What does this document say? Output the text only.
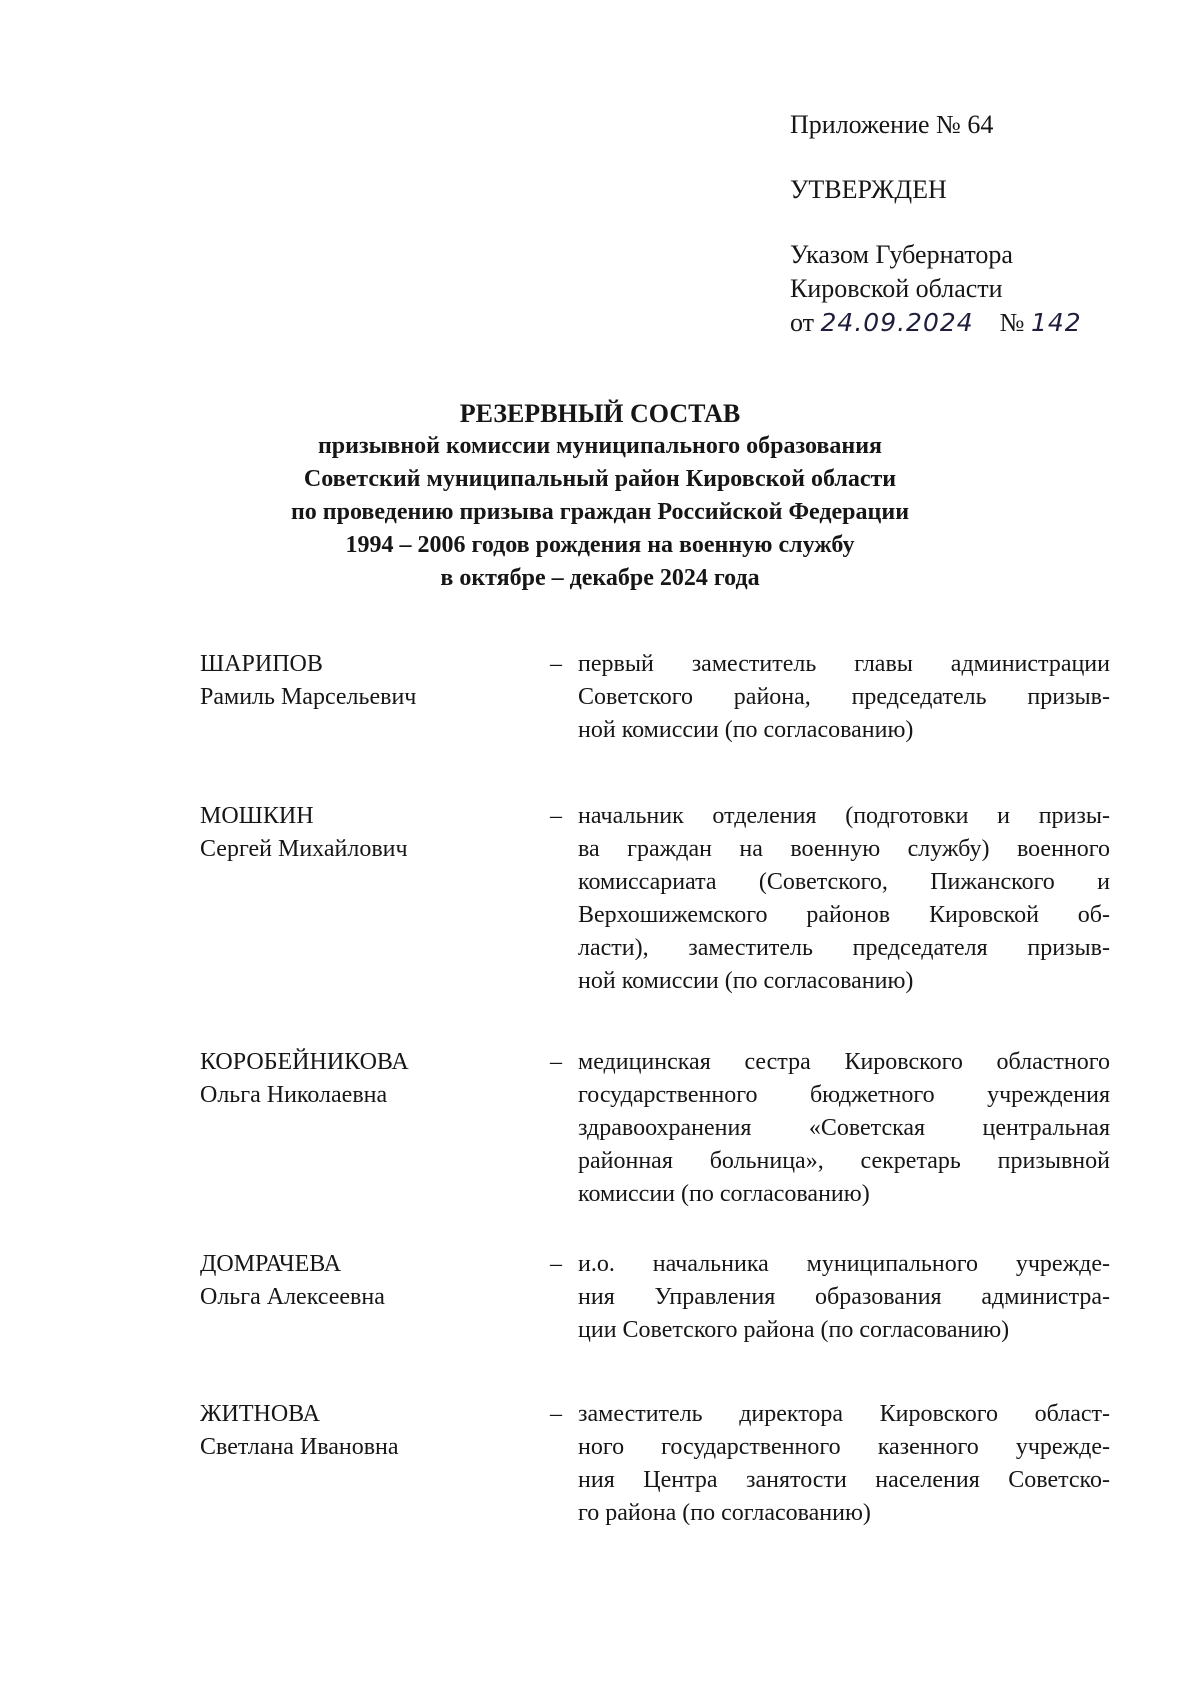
Приложение № 64
УТВЕРЖДЕН
Указом Губернатора
Кировской области
от 24.09.2024 № 142
РЕЗЕРВНЫЙ СОСТАВ
призывной комиссии муниципального образования
Советский муниципальный район Кировской области
по проведению призыва граждан Российской Федерации
1994 – 2006 годов рождения на военную службу
в октябре – декабре 2024 года
ШАРИПОВ
Рамиль Марсельевич
– первый заместитель главы администрации
Советского района, председатель призыв-
ной комиссии (по согласованию)
МОШКИН
Сергей Михайлович
– начальник отделения (подготовки и призы-
ва граждан на военную службу) военного
комиссариата (Советского, Пижанского и
Верхошижемского районов Кировской об-
ласти), заместитель председателя призыв-
ной комиссии (по согласованию)
КОРОБЕЙНИКОВА
Ольга Николаевна
– медицинская сестра Кировского областного
государственного бюджетного учреждения
здравоохранения «Советская центральная
районная больница», секретарь призывной
комиссии (по согласованию)
ДОМРАЧЕВА
Ольга Алексеевна
– и.о. начальника муниципального учрежде-
ния Управления образования администра-
ции Советского района (по согласованию)
ЖИТНОВА
Светлана Ивановна
– заместитель директора Кировского област-
ного государственного казенного учрежде-
ния Центра занятости населения Советско-
го района (по согласованию)
